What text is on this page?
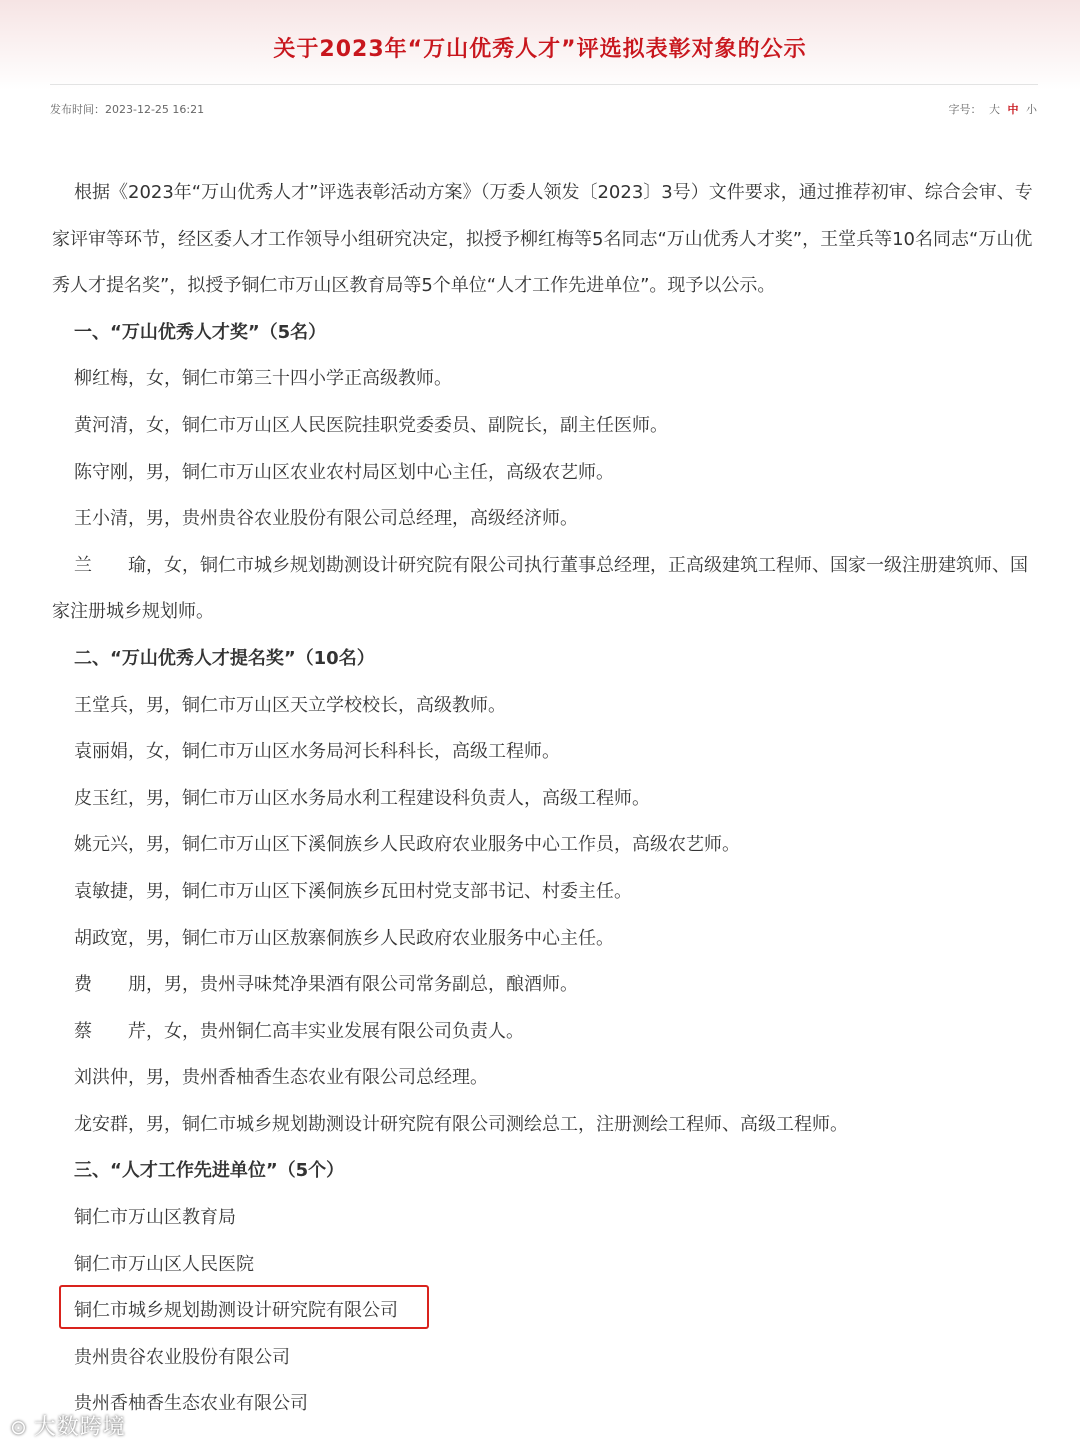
关于2023年“万山优秀人才”评选拟表彰对象的公示
发布时间：2023-12-25 16:21	字号： 大 中 小

根据《2023年“万山优秀人才”评选表彰活动方案》（万委人领发〔2023〕3号）文件要求，通过推荐初审、综合会审、专家评审等环节，经区委人才工作领导小组研究决定，拟授予柳红梅等5名同志“万山优秀人才奖”，王堂兵等10名同志“万山优秀人才提名奖”，拟授予铜仁市万山区教育局等5个单位“人才工作先进单位”。现予以公示。

一、“万山优秀人才奖”（5名）

柳红梅，女，铜仁市第三十四小学正高级教师。

黄河清，女，铜仁市万山区人民医院挂职党委委员、副院长，副主任医师。

陈守刚，男，铜仁市万山区农业农村局区划中心主任，高级农艺师。

王小清，男，贵州贵谷农业股份有限公司总经理，高级经济师。

兰　　瑜，女，铜仁市城乡规划勘测设计研究院有限公司执行董事总经理，正高级建筑工程师、国家一级注册建筑师、国家注册城乡规划师。

二、“万山优秀人才提名奖”（10名）

王堂兵，男，铜仁市万山区天立学校校长，高级教师。

袁丽娟，女，铜仁市万山区水务局河长科科长，高级工程师。

皮玉红，男，铜仁市万山区水务局水利工程建设科负责人，高级工程师。

姚元兴，男，铜仁市万山区下溪侗族乡人民政府农业服务中心工作员，高级农艺师。

袁敏捷，男，铜仁市万山区下溪侗族乡瓦田村党支部书记、村委主任。

胡政宽，男，铜仁市万山区敖寨侗族乡人民政府农业服务中心主任。

费　　朋，男，贵州寻味梵净果酒有限公司常务副总，酿酒师。

蔡　　芹，女，贵州铜仁高丰实业发展有限公司负责人。

刘洪仲，男，贵州香柚香生态农业有限公司总经理。

龙安群，男，铜仁市城乡规划勘测设计研究院有限公司测绘总工，注册测绘工程师、高级工程师。

三、“人才工作先进单位”（5个）

铜仁市万山区教育局

铜仁市万山区人民医院

铜仁市城乡规划勘测设计研究院有限公司

贵州贵谷农业股份有限公司

贵州香柚香生态农业有限公司

⊙ 大数跨境
